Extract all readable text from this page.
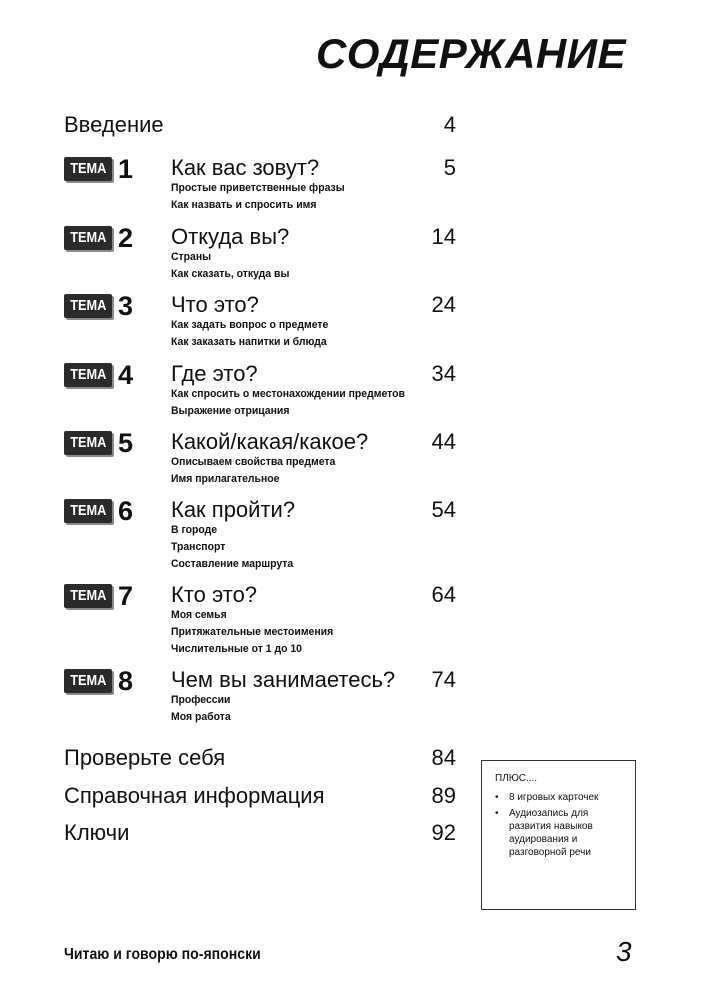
СОДЕРЖАНИЕ
Введение	4
TEMA 1 Как вас зовут?	5
Простые приветственные фразы
Как назвать и спросить имя
TEMA 2 Откуда вы?	14
Страны
Как сказать, откуда вы
TEMA 3 Что это?	24
Как задать вопрос о предмете
Как заказать напитки и блюда
TEMA 4 Где это?	34
Как спросить о местонахождении предметов
Выражение отрицания
TEMA 5 Какой/какая/какое?	44
Описываем свойства предмета
Имя прилагательное
TEMA 6 Как пройти?	54
В городе
Транспорт
Составление маршрута
TEMA 7 Кто это?	64
Моя семья
Притяжательные местоимения
Числительные от 1 до 10
TEMA 8 Чем вы занимаетесь? 74
Профессии
Моя работа
Проверьте себя	84
Справочная информация	89
Ключи	92
ПЛЮС....
• 8 игровых карточек
• Аудиозапись для развития навыков аудирования и разговорной речи
Читаю и говорю по-японски	3
